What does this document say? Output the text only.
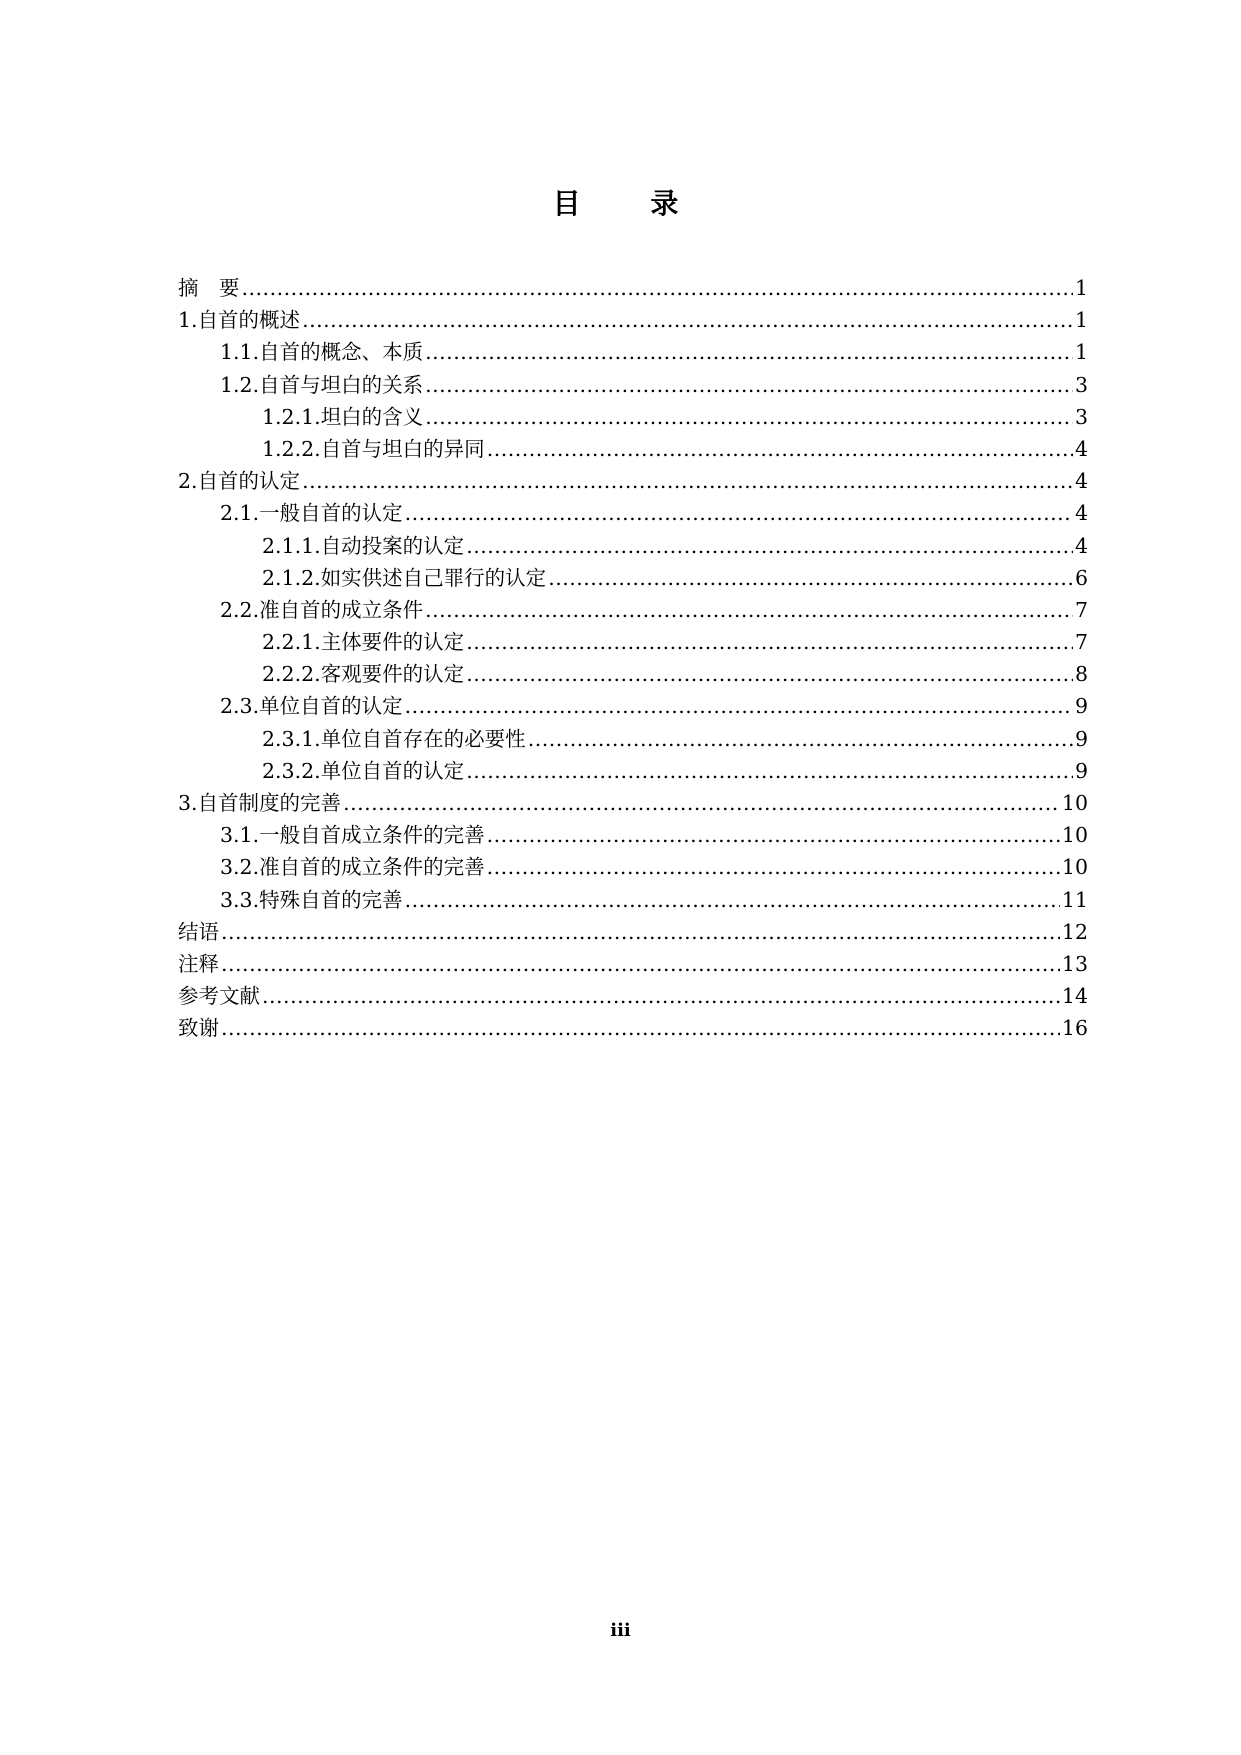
目 录
摘　要 .....	1
1. 自首的概述 .....	1
1.1. 自首的概念、本质 .....	1
1.2. 自首与坦白的关系 .....	3
1.2.1. 坦白的含义 .....	3
1.2.2. 自首与坦白的异同 .....	4
2. 自首的认定 .....	4
2.1. 一般自首的认定 .....	4
2.1.1. 自动投案的认定 .....	4
2.1.2. 如实供述自己罪行的认定 .....	6
2.2. 准自首的成立条件 .....	7
2.2.1. 主体要件的认定 .....	7
2.2.2. 客观要件的认定 .....	8
2.3. 单位自首的认定 .....	9
2.3.1. 单位自首存在的必要性 .....	9
2.3.2. 单位自首的认定 .....	9
3. 自首制度的完善 .....	10
3.1. 一般自首成立条件的完善 .....	10
3.2. 准自首的成立条件的完善 .....	10
3.3. 特殊自首的完善 .....	11
结语 .....	12
注释 .....	13
参考文献 .....	14
致谢 .....	16
iii
